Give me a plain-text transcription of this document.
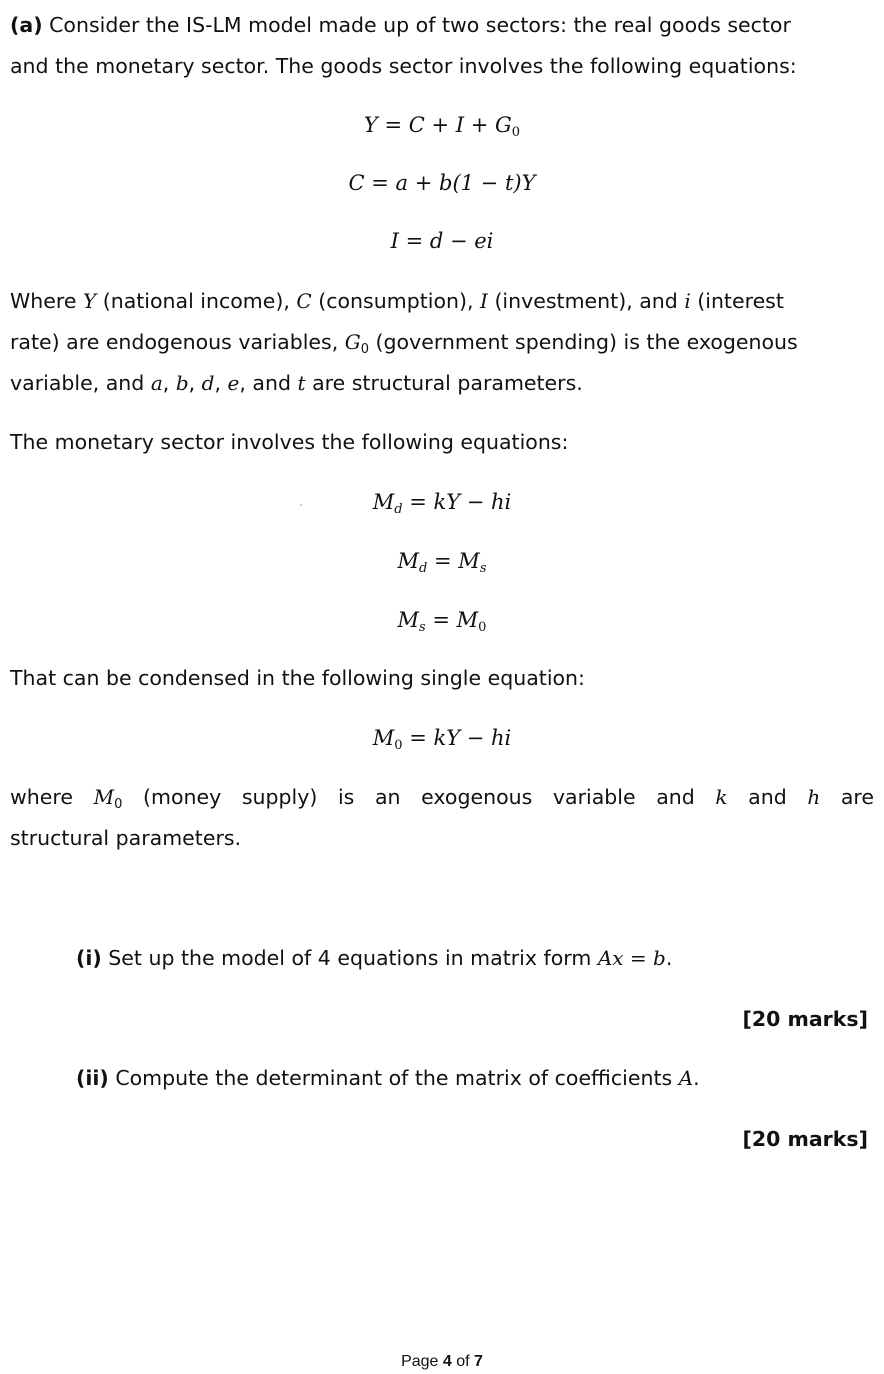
(a) Consider the IS-LM model made up of two sectors: the real goods sector
and the monetary sector. The goods sector involves the following equations:
$Y = C + I + G_0$
C = a + b(1 − t)Y
I = d − ei
Where Y (national income), C (consumption), I (investment), and i (interest
rate) are endogenous variables, $G_0$ (government spending) is the exogenous
variable, and a, b, d, e, and t are structural parameters.
The monetary sector involves the following equations:
$M_d$ = kY − hi
$M_d = M_s$
$M_s = M_0$
That can be condensed in the following single equation:
$M_0$ = kY − hi
where $M_0$ (money supply) is an exogenous variable and k and h are
structural parameters.
(i) Set up the model of 4 equations in matrix form Ax = b.
[20 marks]
(ii) Compute the determinant of the matrix of coefficients A.
[20 marks]
Page 4 of 7
